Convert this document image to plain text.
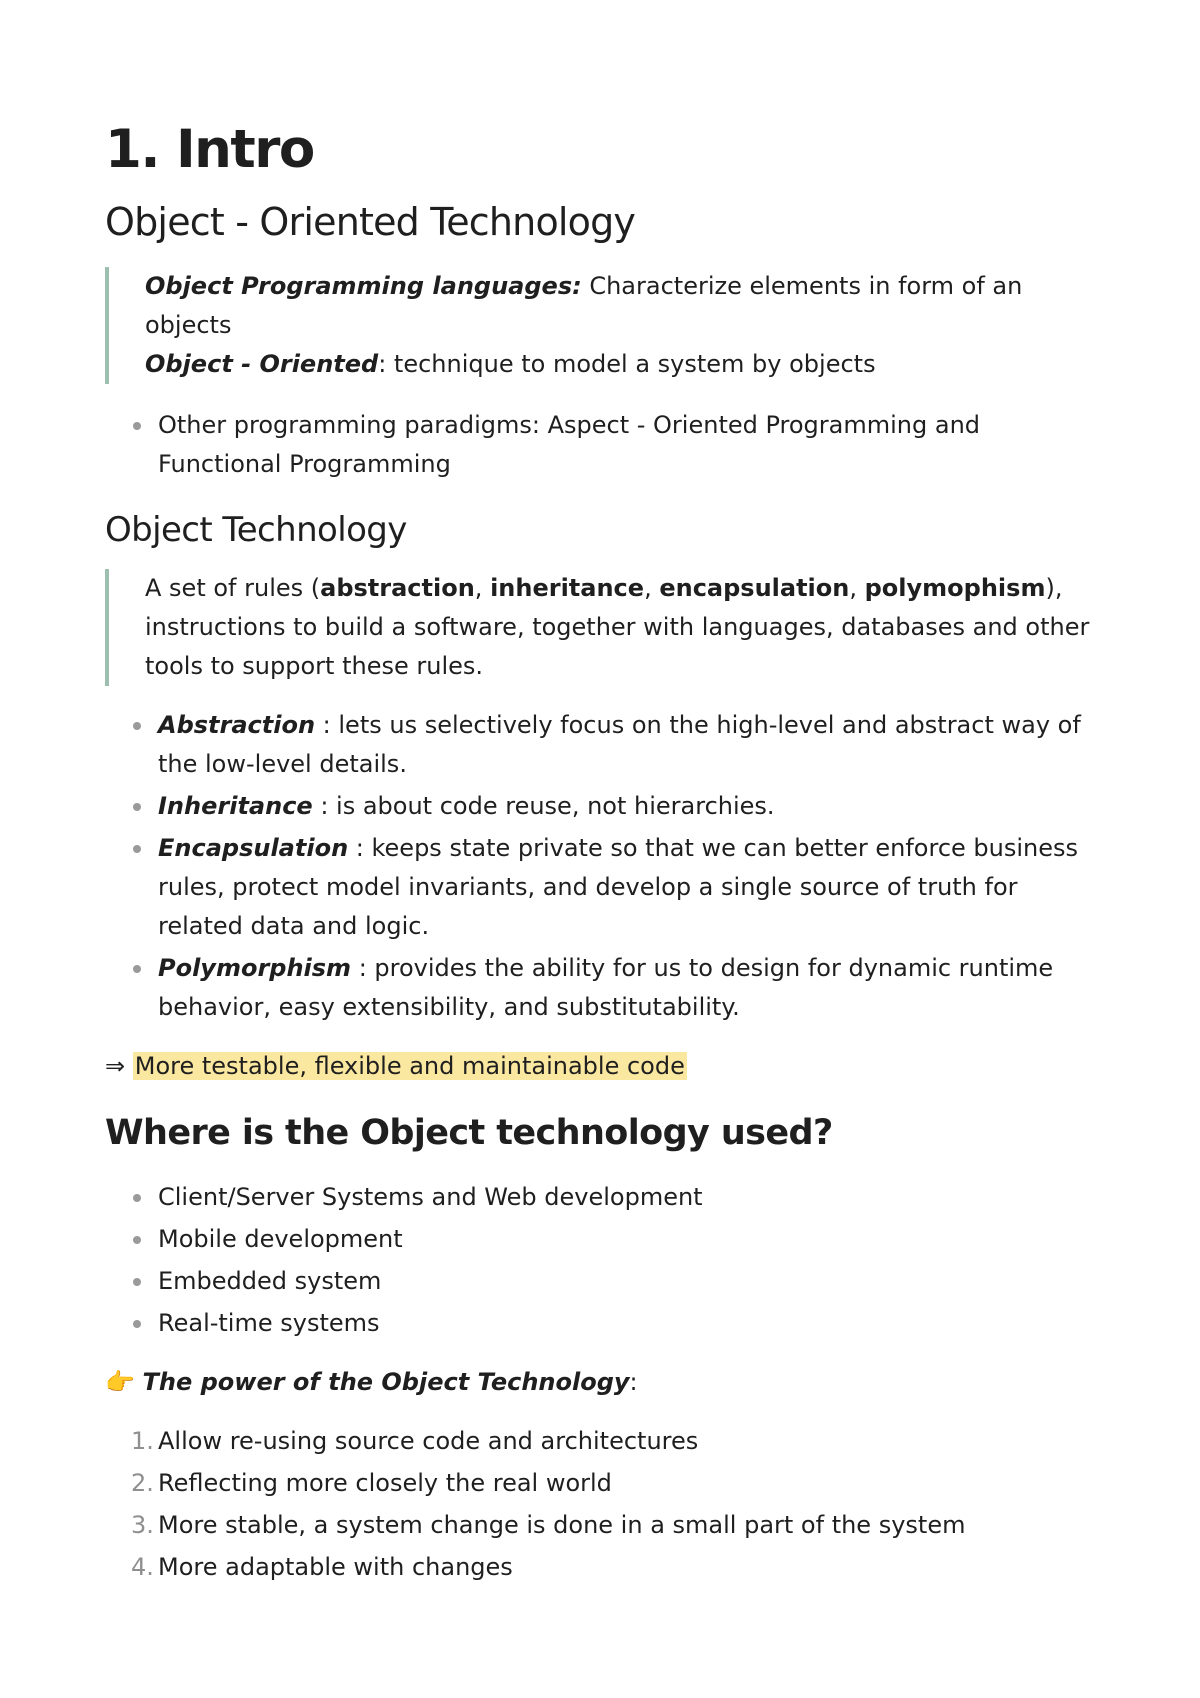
1. Intro
Object - Oriented Technology
Object Programming languages: Characterize elements in form of an objects
Object - Oriented: technique to model a system by objects
Other programming paradigms: Aspect - Oriented Programming and Functional Programming
Object Technology
A set of rules (abstraction, inheritance, encapsulation, polymophism), instructions to build a software, together with languages, databases and other tools to support these rules.
Abstraction : lets us selectively focus on the high-level and abstract way of the low-level details.
Inheritance : is about code reuse, not hierarchies.
Encapsulation : keeps state private so that we can better enforce business rules, protect model invariants, and develop a single source of truth for related data and logic.
Polymorphism : provides the ability for us to design for dynamic runtime behavior, easy extensibility, and substitutability.
⇒ More testable, flexible and maintainable code
Where is the Object technology used?
Client/Server Systems and Web development
Mobile development
Embedded system
Real-time systems
👉 The power of the Object Technology:
1. Allow re-using source code and architectures
2. Reflecting more closely the real world
3. More stable, a system change is done in a small part of the system
4. More adaptable with changes
